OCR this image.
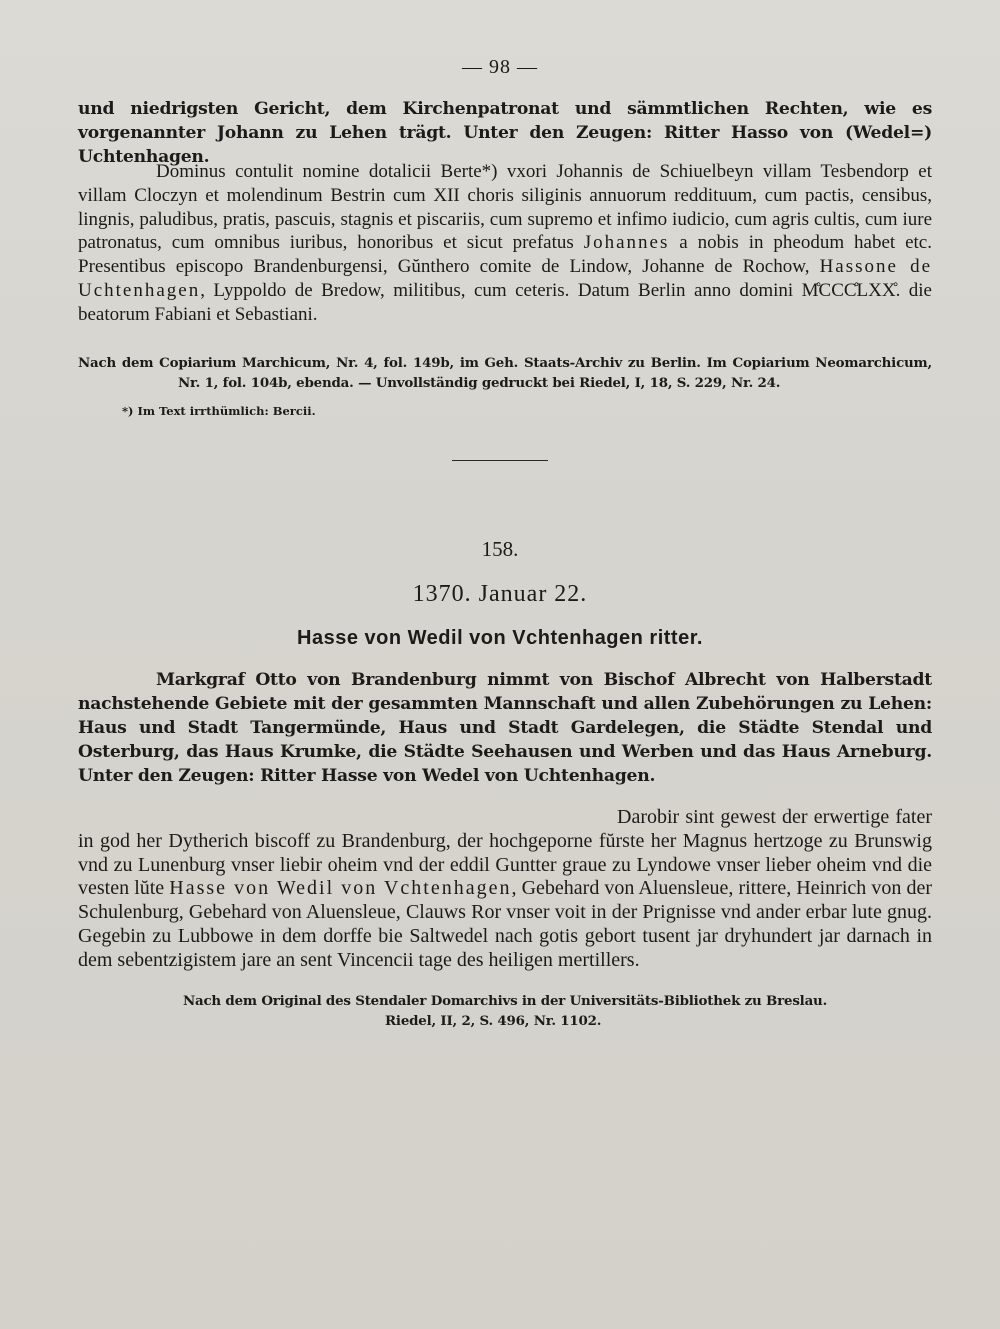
— 98 —
und niedrigsten Gericht, dem Kirchenpatronat und sämmtlichen Rechten, wie es vorgenannter Johann zu Lehen trägt. Unter den Zeugen: Ritter Hasso von (Wedel=) Uchtenhagen.
Dominus contulit nomine dotalicii Berte*) vxori Johannis de Schiuelbeyn villam Tesbendorp et villam Cloczyn et molendinum Bestrin cum XII choris siliginis annuorum reddituum, cum pactis, censibus, lingnis, paludibus, pratis, pascuis, stagnis et piscariis, cum supremo et infimo iudicio, cum agris cultis, cum iure patronatus, cum omnibus iuribus, honoribus et sicut prefatus Johannes a nobis in pheodum habet etc. Presentibus episcopo Brandenburgensi, Gŭnthero comite de Lindow, Johanne de Rochow, Hassone de Uchtenhagen, Lyppoldo de Bredow, militibus, cum ceteris. Datum Berlin anno domini M̊CCC̊LXX̊. die beatorum Fabiani et Sebastiani.
Nach dem Copiarium Marchicum, Nr. 4, fol. 149b, im Geh. Staats-Archiv zu Berlin. Im Copiarium Neomarchicum,
Nr. 1, fol. 104b, ebenda. — Unvollständig gedruckt bei Riedel, I, 18, S. 229, Nr. 24.
*) Im Text irrthümlich: Bercii.
158.
1370. Januar 22.
Hasse von Wedil von Vchtenhagen ritter.
Markgraf Otto von Brandenburg nimmt von Bischof Albrecht von Halberstadt nachstehende Gebiete mit der gesammten Mannschaft und allen Zubehörungen zu Lehen: Haus und Stadt Tangermünde, Haus und Stadt Gardelegen, die Städte Stendal und Osterburg, das Haus Krumke, die Städte Seehausen und Werben und das Haus Arneburg. Unter den Zeugen: Ritter Hasse von Wedel von Uchtenhagen.
Darobir sint gewest der erwertige fater in god her Dytherich biscoff zu Brandenburg, der hochgeporne fŭrste her Magnus hertzoge zu Brunswig vnd zu Lunenburg vnser liebir oheim vnd der eddil Guntter graue zu Lyndowe vnser lieber oheim vnd die vesten lŭte Hasse von Wedil von Vchtenhagen, Gebehard von Aluensleue, rittere, Heinrich von der Schulenburg, Gebehard von Aluensleue, Clauws Ror vnser voit in der Prignisse vnd ander erbar lute gnug. Gegebin zu Lubbowe in dem dorffe bie Saltwedel nach gotis gebort tusent jar dryhundert jar darnach in dem sebentzigistem jare an sent Vincencii tage des heiligen mertillers.
Nach dem Original des Stendaler Domarchivs in der Universitäts-Bibliothek zu Breslau.
Riedel, II, 2, S. 496, Nr. 1102.
